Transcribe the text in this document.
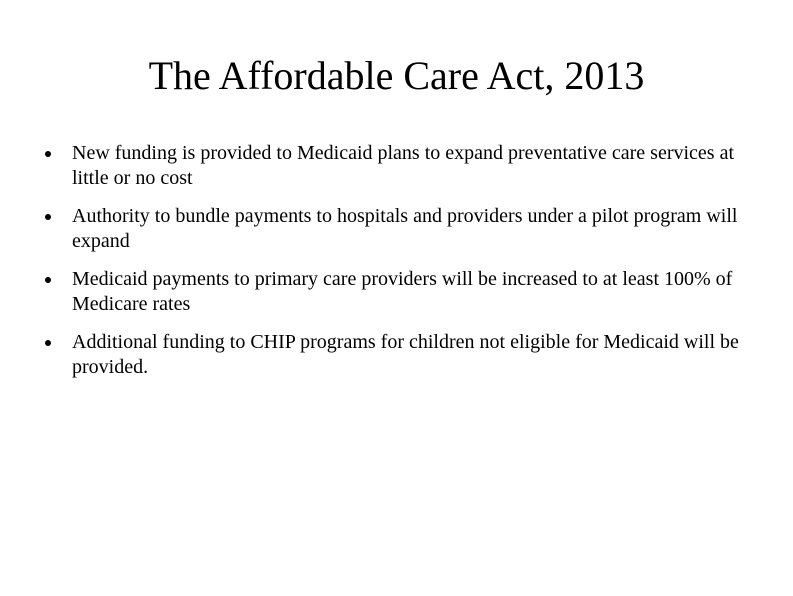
The Affordable Care Act, 2013
New funding is provided to Medicaid plans to expand preventative care services at little or no cost
Authority to bundle payments to hospitals and providers under a pilot program will expand
Medicaid payments to primary care providers will be increased to at least 100% of Medicare rates
Additional funding to CHIP programs for children not eligible for Medicaid will be provided.
